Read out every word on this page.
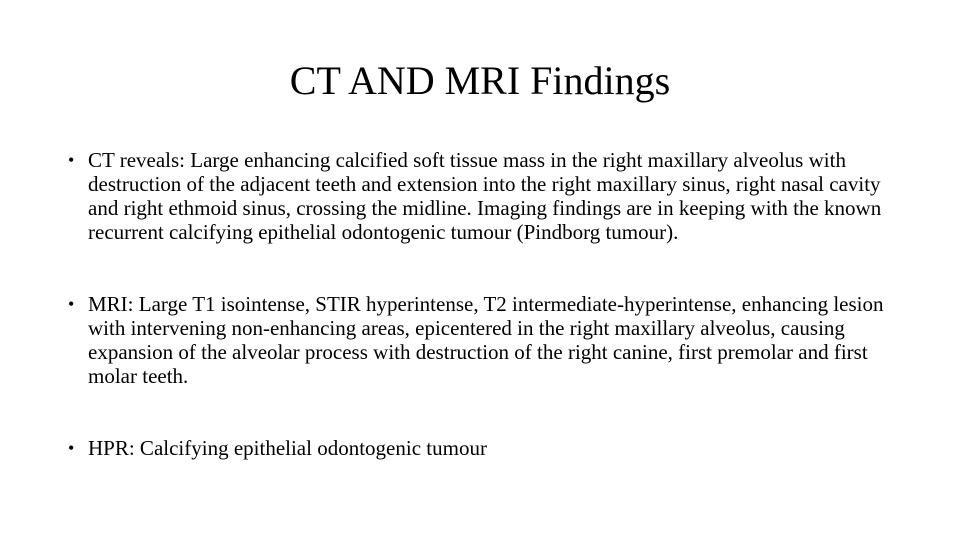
CT AND MRI Findings
• CT reveals: Large enhancing calcified soft tissue mass in the right maxillary alveolus with destruction of the adjacent teeth and extension into the right maxillary sinus, right nasal cavity and right ethmoid sinus, crossing the midline. Imaging findings are in keeping with the known recurrent calcifying epithelial odontogenic tumour (Pindborg tumour).
• MRI: Large T1 isointense, STIR hyperintense, T2 intermediate-hyperintense, enhancing lesion with intervening non-enhancing areas, epicentered in the right maxillary alveolus, causing expansion of the alveolar process with destruction of the right canine, first premolar and first molar teeth.
• HPR: Calcifying epithelial odontogenic tumour
